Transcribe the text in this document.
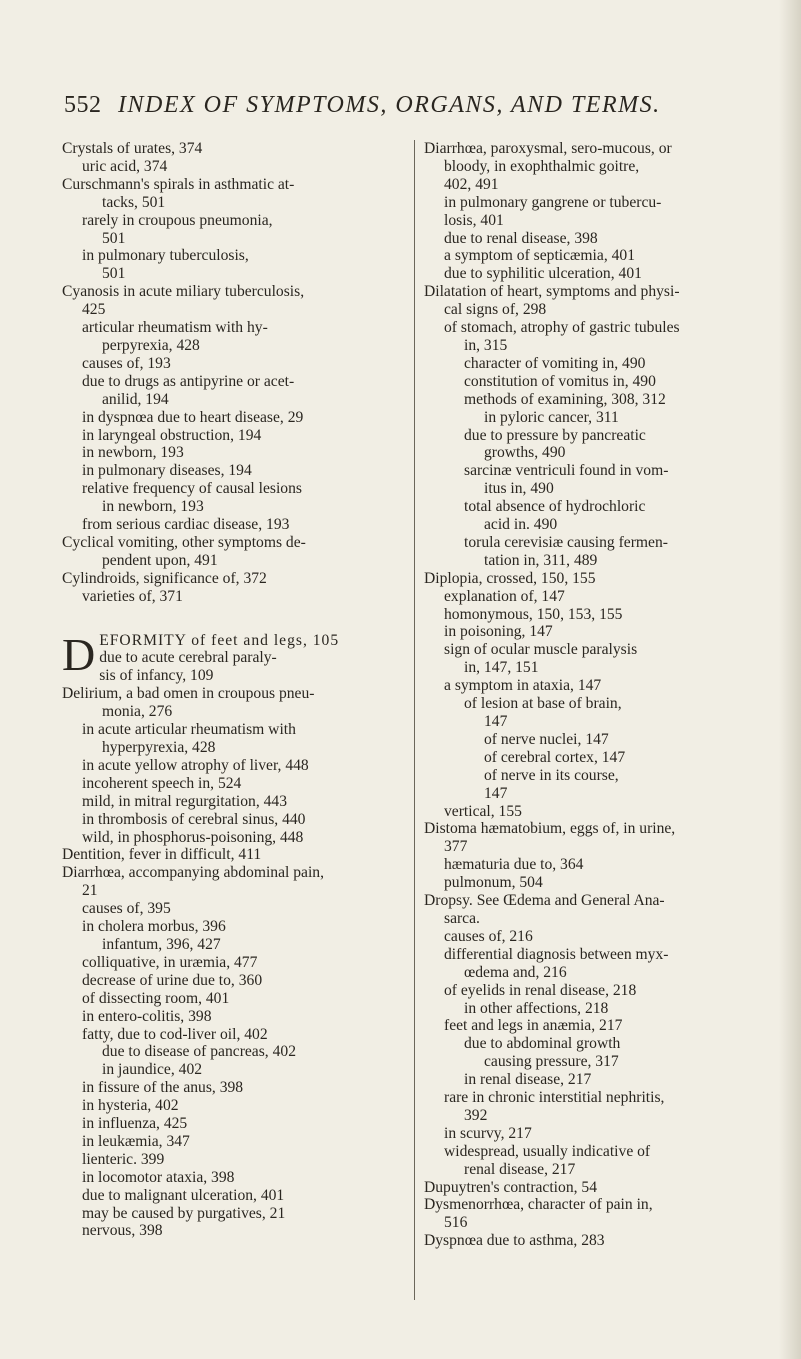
552 INDEX OF SYMPTOMS, ORGANS, AND TERMS.
Crystals of urates, 374
uric acid, 374
Curschmann's spirals in asthmatic at-
tacks, 501
rarely in croupous pneumonia,
501
in pulmonary tuberculosis,
501
Cyanosis in acute miliary tuberculosis,
425
articular rheumatism with hy-
perpyrexia, 428
causes of, 193
due to drugs as antipyrine or acet-
anilid, 194
in dyspnœa due to heart disease, 29
in laryngeal obstruction, 194
in newborn, 193
in pulmonary diseases, 194
relative frequency of causal lesions
in newborn, 193
from serious cardiac disease, 193
Cyclical vomiting, other symptoms de-
pendent upon, 491
Cylindroids, significance of, 372
varieties of, 371
D EFORMITY of feet and legs, 105
due to acute cerebral paraly-
sis of infancy, 109
Delirium, a bad omen in croupous pneu-
monia, 276
in acute articular rheumatism with
hyperpyrexia, 428
in acute yellow atrophy of liver, 448
incoherent speech in, 524
mild, in mitral regurgitation, 443
in thrombosis of cerebral sinus, 440
wild, in phosphorus-poisoning, 448
Dentition, fever in difficult, 411
Diarrhœa, accompanying abdominal pain,
21
causes of, 395
in cholera morbus, 396
infantum, 396, 427
colliquative, in uræmia, 477
decrease of urine due to, 360
of dissecting room, 401
in entero-colitis, 398
fatty, due to cod-liver oil, 402
due to disease of pancreas, 402
in jaundice, 402
in fissure of the anus, 398
in hysteria, 402
in influenza, 425
in leukæmia, 347
lienteric. 399
in locomotor ataxia, 398
due to malignant ulceration, 401
may be caused by purgatives, 21
nervous, 398
Diarrhœa, paroxysmal, sero-mucous, or
bloody, in exophthalmic goitre,
402, 491
in pulmonary gangrene or tubercu-
losis, 401
due to renal disease, 398
a symptom of septicæmia, 401
due to syphilitic ulceration, 401
Dilatation of heart, symptoms and physi-
cal signs of, 298
of stomach, atrophy of gastric tubules
in, 315
character of vomiting in, 490
constitution of vomitus in, 490
methods of examining, 308, 312
in pyloric cancer, 311
due to pressure by pancreatic
growths, 490
sarcinæ ventriculi found in vom-
itus in, 490
total absence of hydrochloric
acid in. 490
torula cerevisiæ causing fermen-
tation in, 311, 489
Diplopia, crossed, 150, 155
explanation of, 147
homonymous, 150, 153, 155
in poisoning, 147
sign of ocular muscle paralysis
in, 147, 151
a symptom in ataxia, 147
of lesion at base of brain,
147
of nerve nuclei, 147
of cerebral cortex, 147
of nerve in its course,
147
vertical, 155
Distoma hæmatobium, eggs of, in urine,
377
hæmaturia due to, 364
pulmonum, 504
Dropsy. See Œdema and General Ana-
sarca.
causes of, 216
differential diagnosis between myx-
œdema and, 216
of eyelids in renal disease, 218
in other affections, 218
feet and legs in anæmia, 217
due to abdominal growth
causing pressure, 317
in renal disease, 217
rare in chronic interstitial nephritis,
392
in scurvy, 217
widespread, usually indicative of
renal disease, 217
Dupuytren's contraction, 54
Dysmenorrhœa, character of pain in,
516
Dyspnœa due to asthma, 283
